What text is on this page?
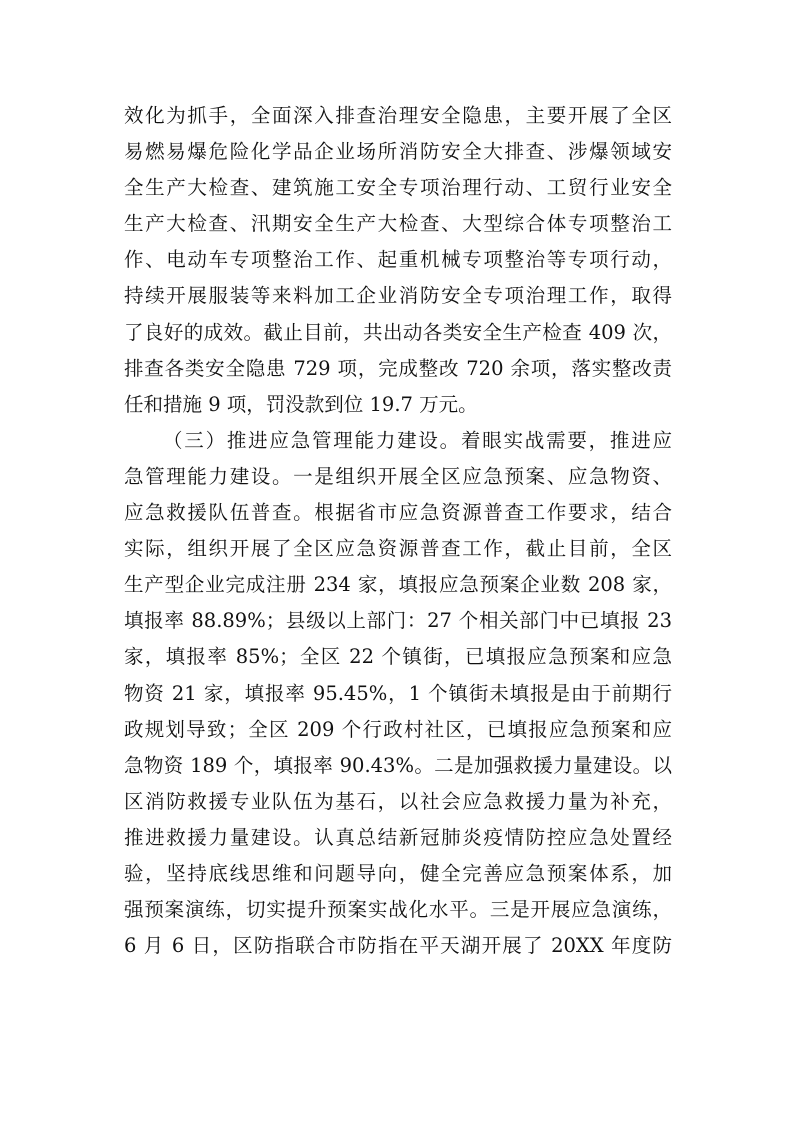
效化为抓手，全面深入排查治理安全隐患，主要开展了全区
易燃易爆危险化学品企业场所消防安全大排查、涉爆领域安
全生产大检查、建筑施工安全专项治理行动、工贸行业安全
生产大检查、汛期安全生产大检查、大型综合体专项整治工
作、电动车专项整治工作、起重机械专项整治等专项行动，
持续开展服装等来料加工企业消防安全专项治理工作，取得
了良好的成效。截止目前，共出动各类安全生产检查 409 次，
排查各类安全隐患 729 项，完成整改 720 余项，落实整改责
任和措施 9 项，罚没款到位 19.7 万元。
（三）推进应急管理能力建设。着眼实战需要，推进应
急管理能力建设。一是组织开展全区应急预案、应急物资、
应急救援队伍普查。根据省市应急资源普查工作要求，结合
实际，组织开展了全区应急资源普查工作，截止目前，全区
生产型企业完成注册 234 家，填报应急预案企业数 208 家，
填报率 88.89%；县级以上部门：27 个相关部门中已填报 23
家，填报率 85%；全区 22 个镇街，已填报应急预案和应急
物资 21 家，填报率 95.45%，1 个镇街未填报是由于前期行
政规划导致；全区 209 个行政村社区，已填报应急预案和应
急物资 189 个，填报率 90.43%。二是加强救援力量建设。以
区消防救援专业队伍为基石，以社会应急救援力量为补充，
推进救援力量建设。认真总结新冠肺炎疫情防控应急处置经
验，坚持底线思维和问题导向，健全完善应急预案体系，加
强预案演练，切实提升预案实战化水平。三是开展应急演练，
6 月 6 日，区防指联合市防指在平天湖开展了 20XX 年度防
